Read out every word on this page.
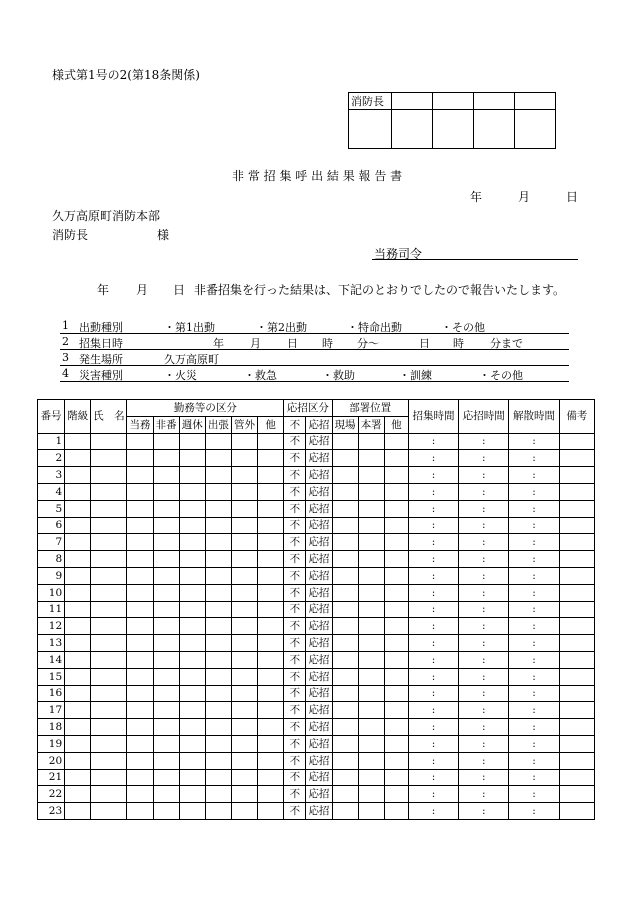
様式第1号の2(第18条関係)
消防長				

非 常 招 集 呼 出 結 果 報 告 書
年	月	日
久万高原町消防本部
消防長	様
当務司令
年 月 日 非番招集を行った結果は、下記のとおりでしたので報告いたします。
1 出動種別	・第1出動	・第2出動	・特命出動	・その他
2 招集日時	年 月 日 時 分〜	日 時 分まで
3 発生場所	久万高原町
4 災害種別	・火災	・救急	・救助	・訓練	・その他
番号	階級	氏　名	勤務等の区分						応招区分		部署位置			招集時間	応招時間	解散時間	備考
			当務	非番	週休	出張	管外	他	不	応招	現場	本署	他				
1									不	応招				:	:	:	
2									不	応招				:	:	:	
3									不	応招				:	:	:	
4									不	応招				:	:	:	
5									不	応招				:	:	:	
6									不	応招				:	:	:	
7									不	応招				:	:	:	
8									不	応招				:	:	:	
9									不	応招				:	:	:	
10									不	応招				:	:	:	
11									不	応招				:	:	:	
12									不	応招				:	:	:	
13									不	応招				:	:	:	
14									不	応招				:	:	:	
15									不	応招				:	:	:	
16									不	応招				:	:	:	
17									不	応招				:	:	:	
18									不	応招				:	:	:	
19									不	応招				:	:	:	
20									不	応招				:	:	:	
21									不	応招				:	:	:	
22									不	応招				:	:	:	
23									不	応招				:	:	:	
